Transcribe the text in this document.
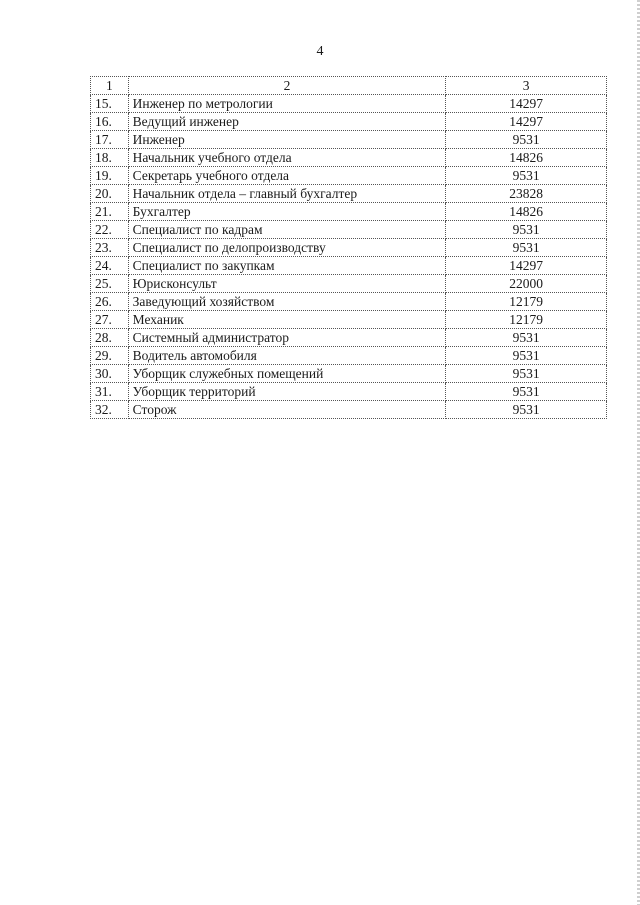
4
1	2	3
15.	Инженер по метрологии	14297
16.	Ведущий инженер	14297
17.	Инженер	9531
18.	Начальник учебного отдела	14826
19.	Секретарь учебного отдела	9531
20.	Начальник отдела – главный бухгалтер	23828
21.	Бухгалтер	14826
22.	Специалист по кадрам	9531
23.	Специалист по делопроизводству	9531
24.	Специалист по закупкам	14297
25.	Юрисконсульт	22000
26.	Заведующий хозяйством	12179
27.	Механик	12179
28.	Системный администратор	9531
29.	Водитель автомобиля	9531
30.	Уборщик служебных помещений	9531
31.	Уборщик территорий	9531
32.	Сторож	9531
